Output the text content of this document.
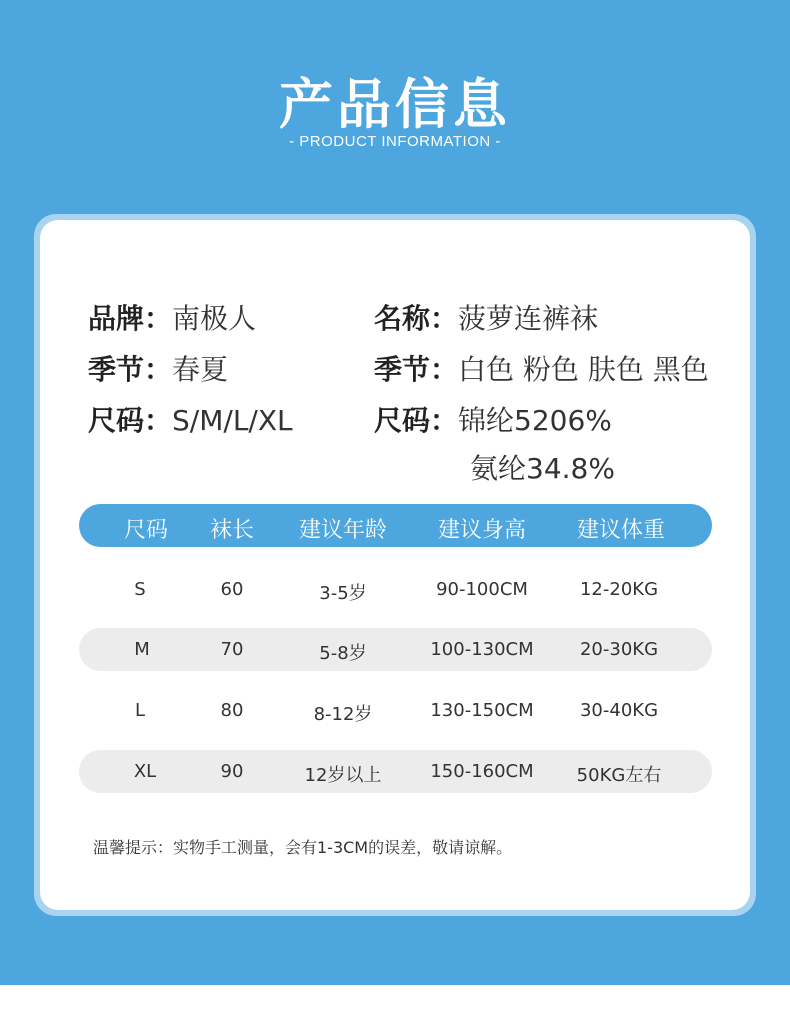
产品信息
- PRODUCT INFORMATION -
品牌：南极人
季节：春夏
尺码：S/M/L/XL
名称：菠萝连裤袜
季节：白色 粉色 肤色 黑色
尺码：锦纶5206%
氨纶34.8%
尺码 袜长 建议年龄 建议身高 建议体重
S	60	3-5岁	90-100CM	12-20KG
M	70	5-8岁	100-130CM	20-30KG
L	80	8-12岁	130-150CM	30-40KG
XL	90	12岁以上	150-160CM 50KG左右
温馨提示：实物手工测量，会有1-3CM的误差，敬请谅解。
